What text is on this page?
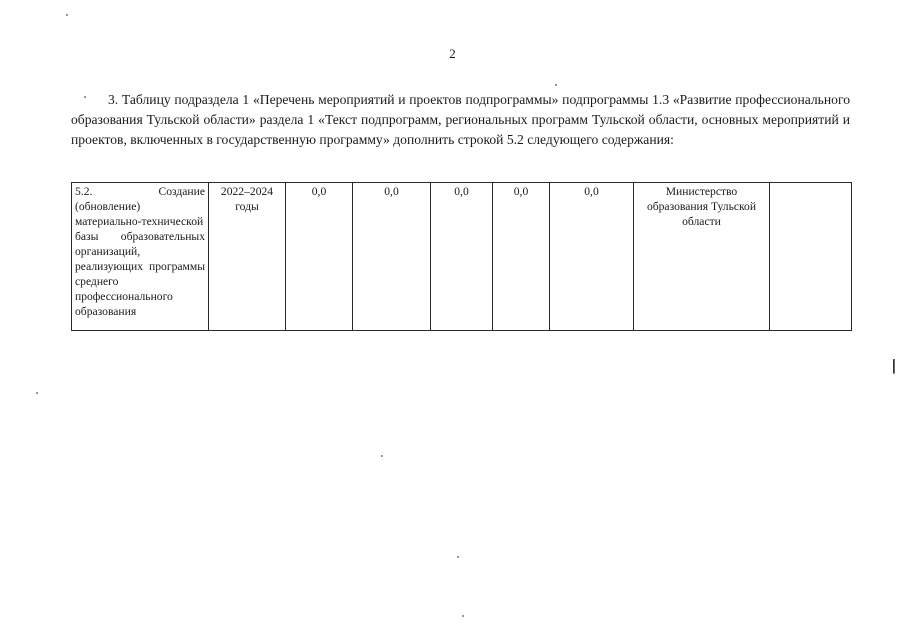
2

3. Таблицу подраздела 1 «Перечень мероприятий и проектов подпрограммы» подпрограммы 1.3 «Развитие профессионального образования Тульской области» раздела 1 «Текст подпрограмм, региональных программ Тульской области, основных мероприятий и проектов, включенных в государственную программу» дополнить строкой 5.2 следующего содержания:

5.2. Создание (обновление) материально-технической базы образовательных организаций, реализующих программы среднего профессионального образования	2022–2024 годы	0,0	0,0	0,0	0,0	0,0	Министерство образования Тульской области	
❘
